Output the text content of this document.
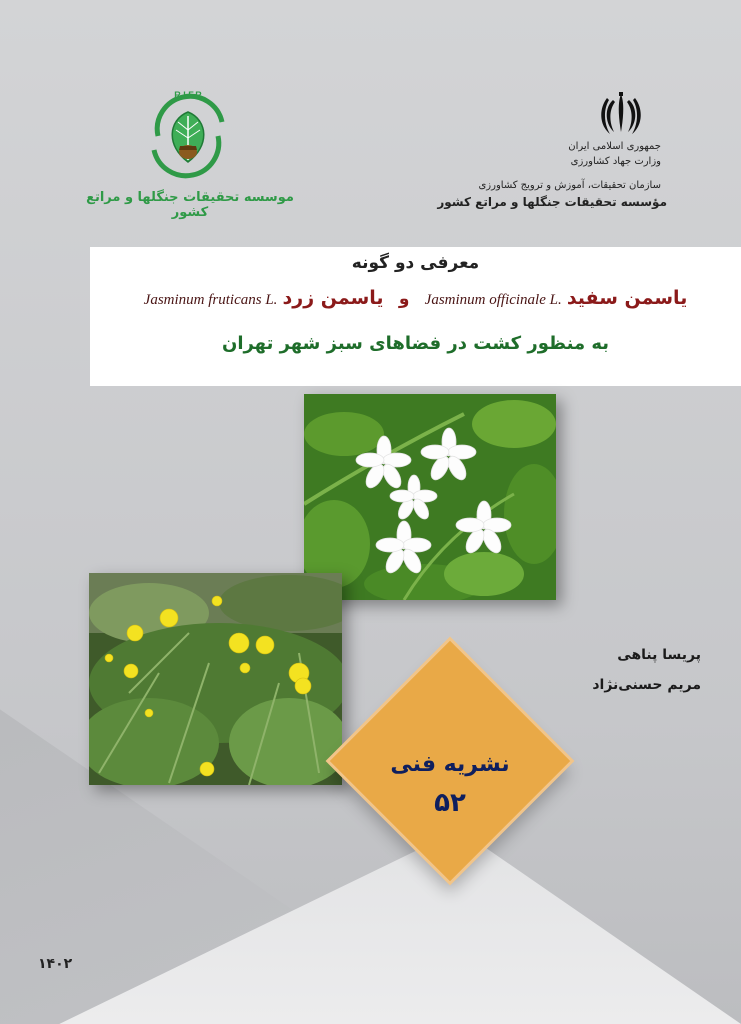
R.I.F.R
موسسه تحقیقات جنگلها و مراتع کشور
جمهوری اسلامی ایران
وزارت جهاد کشاورزی
سازمان تحقیقات، آموزش و ترویج کشاورزی
مؤسسه تحقیقات جنگلها و مراتع کشور
معرفی دو گونه
یاسمن سفید Jasminum officinale L.   و   یاسمن زرد Jasminum fruticans L.
به منظور کشت در فضاهای سبز شهر تهران
پریسا پناهی
مریم حسنی‌نژاد
نشریه فنی
۵۲
۱۴۰۲
